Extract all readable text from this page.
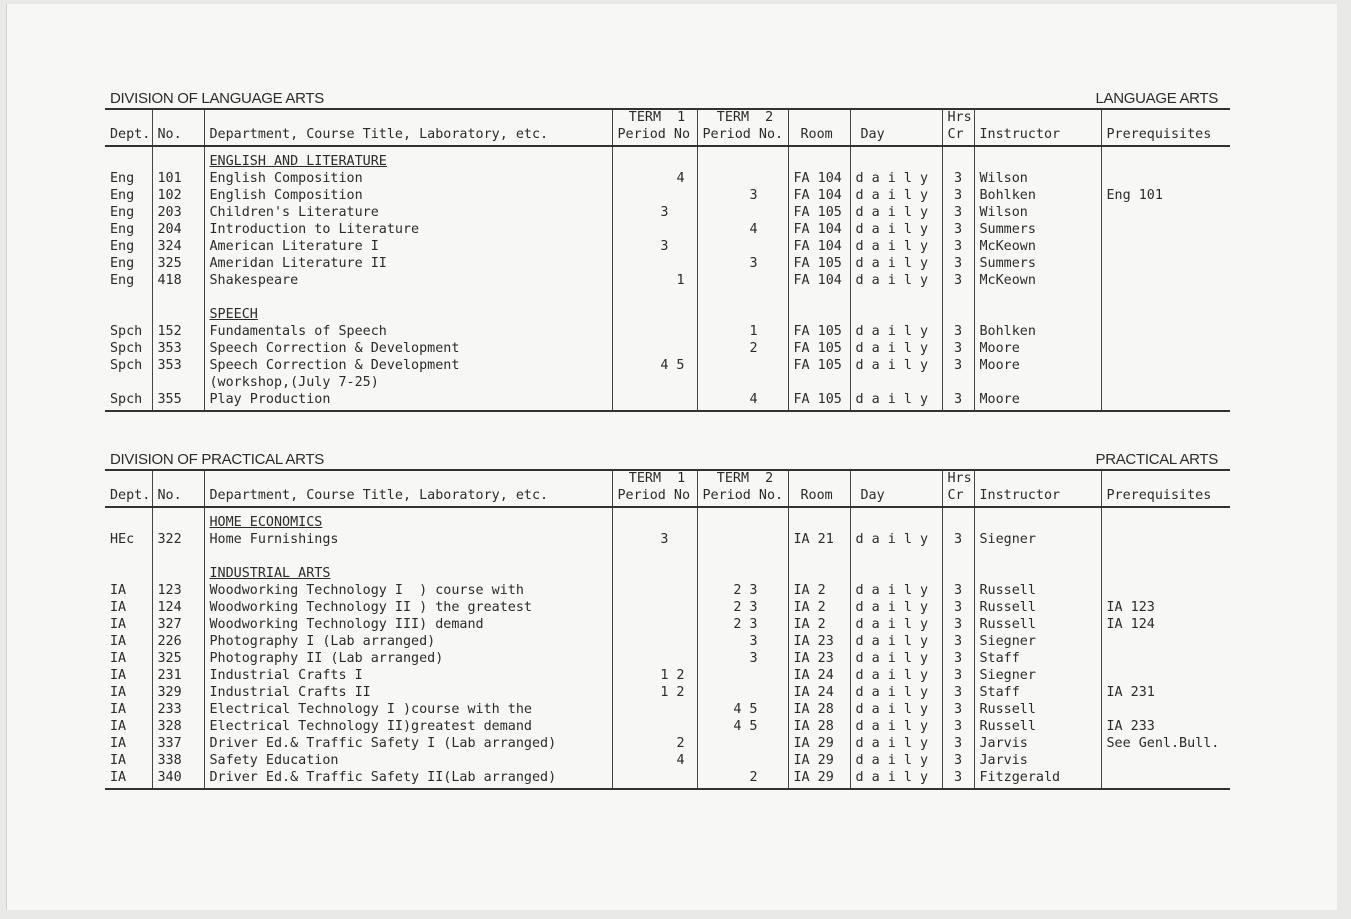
DIVISION OF LANGUAGE ARTS	LANGUAGE ARTS
			TERM  1	TERM  2			Hrs		
Dept.	No.	Department, Course Title, Laboratory, etc.	Period No	Period No.	Room	Day	Cr	Instructor	Prerequisites

		ENGLISH AND LITERATURE							
Eng	101	English Composition	4		FA 104	d a i l y	3	Wilson	
Eng	102	English Composition		3	FA 104	d a i l y	3	Bohlken	Eng 101
Eng	203	Children's Literature	3		FA 105	d a i l y	3	Wilson	
Eng	204	Introduction to Literature		4	FA 104	d a i l y	3	Summers	
Eng	324	American Literature I	3		FA 104	d a i l y	3	McKeown	
Eng	325	Ameridan Literature II		3	FA 105	d a i l y	3	Summers	
Eng	418	Shakespeare	1		FA 104	d a i l y	3	McKeown	

		SPEECH							
Spch	152	Fundamentals of Speech		1	FA 105	d a i l y	3	Bohlken	
Spch	353	Speech Correction & Development		2	FA 105	d a i l y	3	Moore	
Spch	353	Speech Correction & Development	4 5		FA 105	d a i l y	3	Moore	
		(workshop,(July 7-25)							
Spch	355	Play Production		4	FA 105	d a i l y	3	Moore	

DIVISION OF PRACTICAL ARTS	PRACTICAL ARTS
			TERM  1	TERM  2			Hrs		
Dept.	No.	Department, Course Title, Laboratory, etc.	Period No	Period No.	Room	Day	Cr	Instructor	Prerequisites

		HOME ECONOMICS							
HEc	322	Home Furnishings	3		IA 21	d a i l y	3	Siegner	

		INDUSTRIAL ARTS							
IA	123	Woodworking Technology I  ) course with		2 3	IA 2	d a i l y	3	Russell	
IA	124	Woodworking Technology II ) the greatest		2 3	IA 2	d a i l y	3	Russell	IA 123
IA	327	Woodworking Technology III) demand		2 3	IA 2	d a i l y	3	Russell	IA 124
IA	226	Photography I (Lab arranged)		3	IA 23	d a i l y	3	Siegner	
IA	325	Photography II (Lab arranged)		3	IA 23	d a i l y	3	Staff	
IA	231	Industrial Crafts I	1 2		IA 24	d a i l y	3	Siegner	
IA	329	Industrial Crafts II	1 2		IA 24	d a i l y	3	Staff	IA 231
IA	233	Electrical Technology I )course with the		4 5	IA 28	d a i l y	3	Russell	
IA	328	Electrical Technology II)greatest demand		4 5	IA 28	d a i l y	3	Russell	IA 233
IA	337	Driver Ed.& Traffic Safety I (Lab arranged)	2		IA 29	d a i l y	3	Jarvis	See Genl.Bull.
IA	338	Safety Education	4		IA 29	d a i l y	3	Jarvis	
IA	340	Driver Ed.& Traffic Safety II(Lab arranged)		2	IA 29	d a i l y	3	Fitzgerald	
